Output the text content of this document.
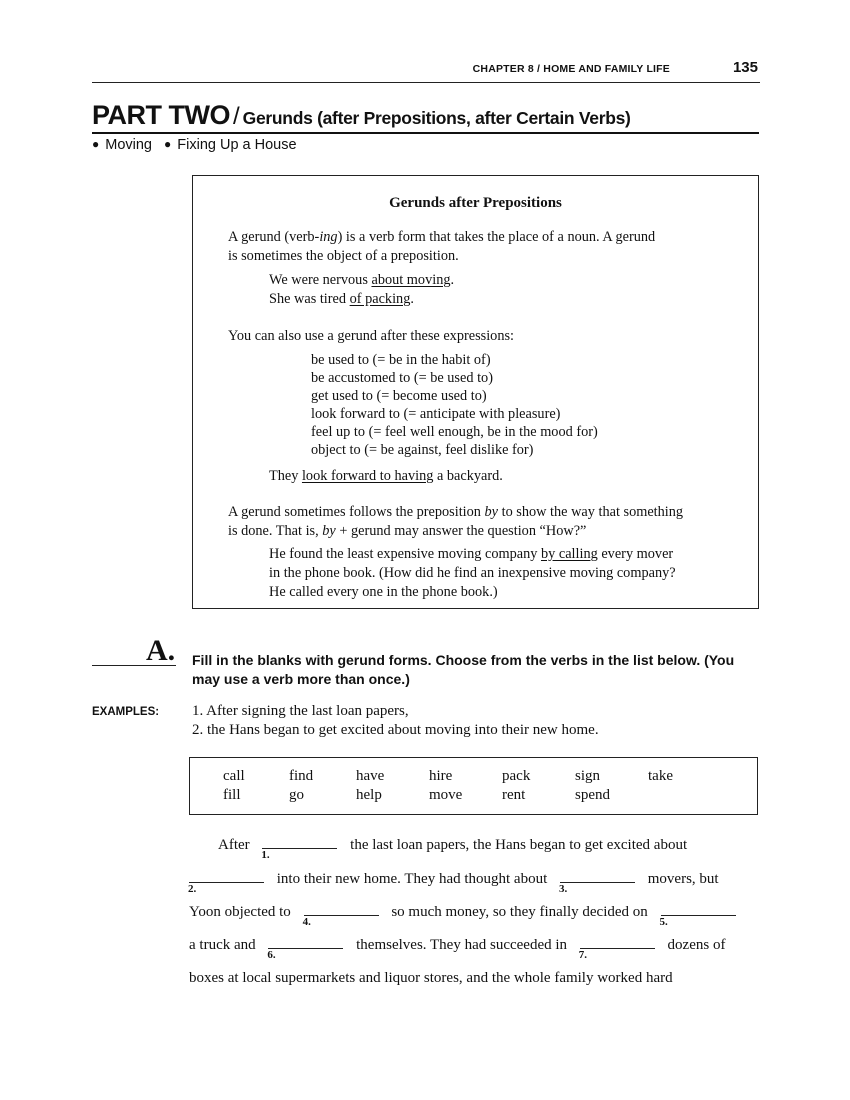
CHAPTER 8 / HOME AND FAMILY LIFE	135
PART TWO / Gerunds (after Prepositions, after Certain Verbs)
● Moving ● Fixing Up a House
Gerunds after Prepositions
A gerund (verb-ing) is a verb form that takes the place of a noun. A gerund
is sometimes the object of a preposition.
We were nervous about moving.
She was tired of packing.
You can also use a gerund after these expressions:
be used to (= be in the habit of)
be accustomed to (= be used to)
get used to (= become used to)
look forward to (= anticipate with pleasure)
feel up to (= feel well enough, be in the mood for)
object to (= be against, feel dislike for)
They look forward to having a backyard.
A gerund sometimes follows the preposition by to show the way that something
is done. That is, by + gerund may answer the question “How?”
He found the least expensive moving company by calling every mover
in the phone book. (How did he find an inexpensive moving company?
He called every one in the phone book.)
A. Fill in the blanks with gerund forms. Choose from the verbs in the list below. (You may use a verb more than once.)
EXAMPLES: 1. After signing the last loan papers,
2. the Hans began to get excited about moving into their new home.
call	find	have	hire	pack	sign	take
fill	go	help	move	rent	spend
After
1.
the last loan papers, the Hans began to get excited about
2.
into their new home. They had thought about
3.
movers, but
Yoon objected to
4.
so much money, so they finally decided on
5.
a truck and
6.
themselves. They had succeeded in
7.
dozens of
boxes at local supermarkets and liquor stores, and the whole family worked hard
